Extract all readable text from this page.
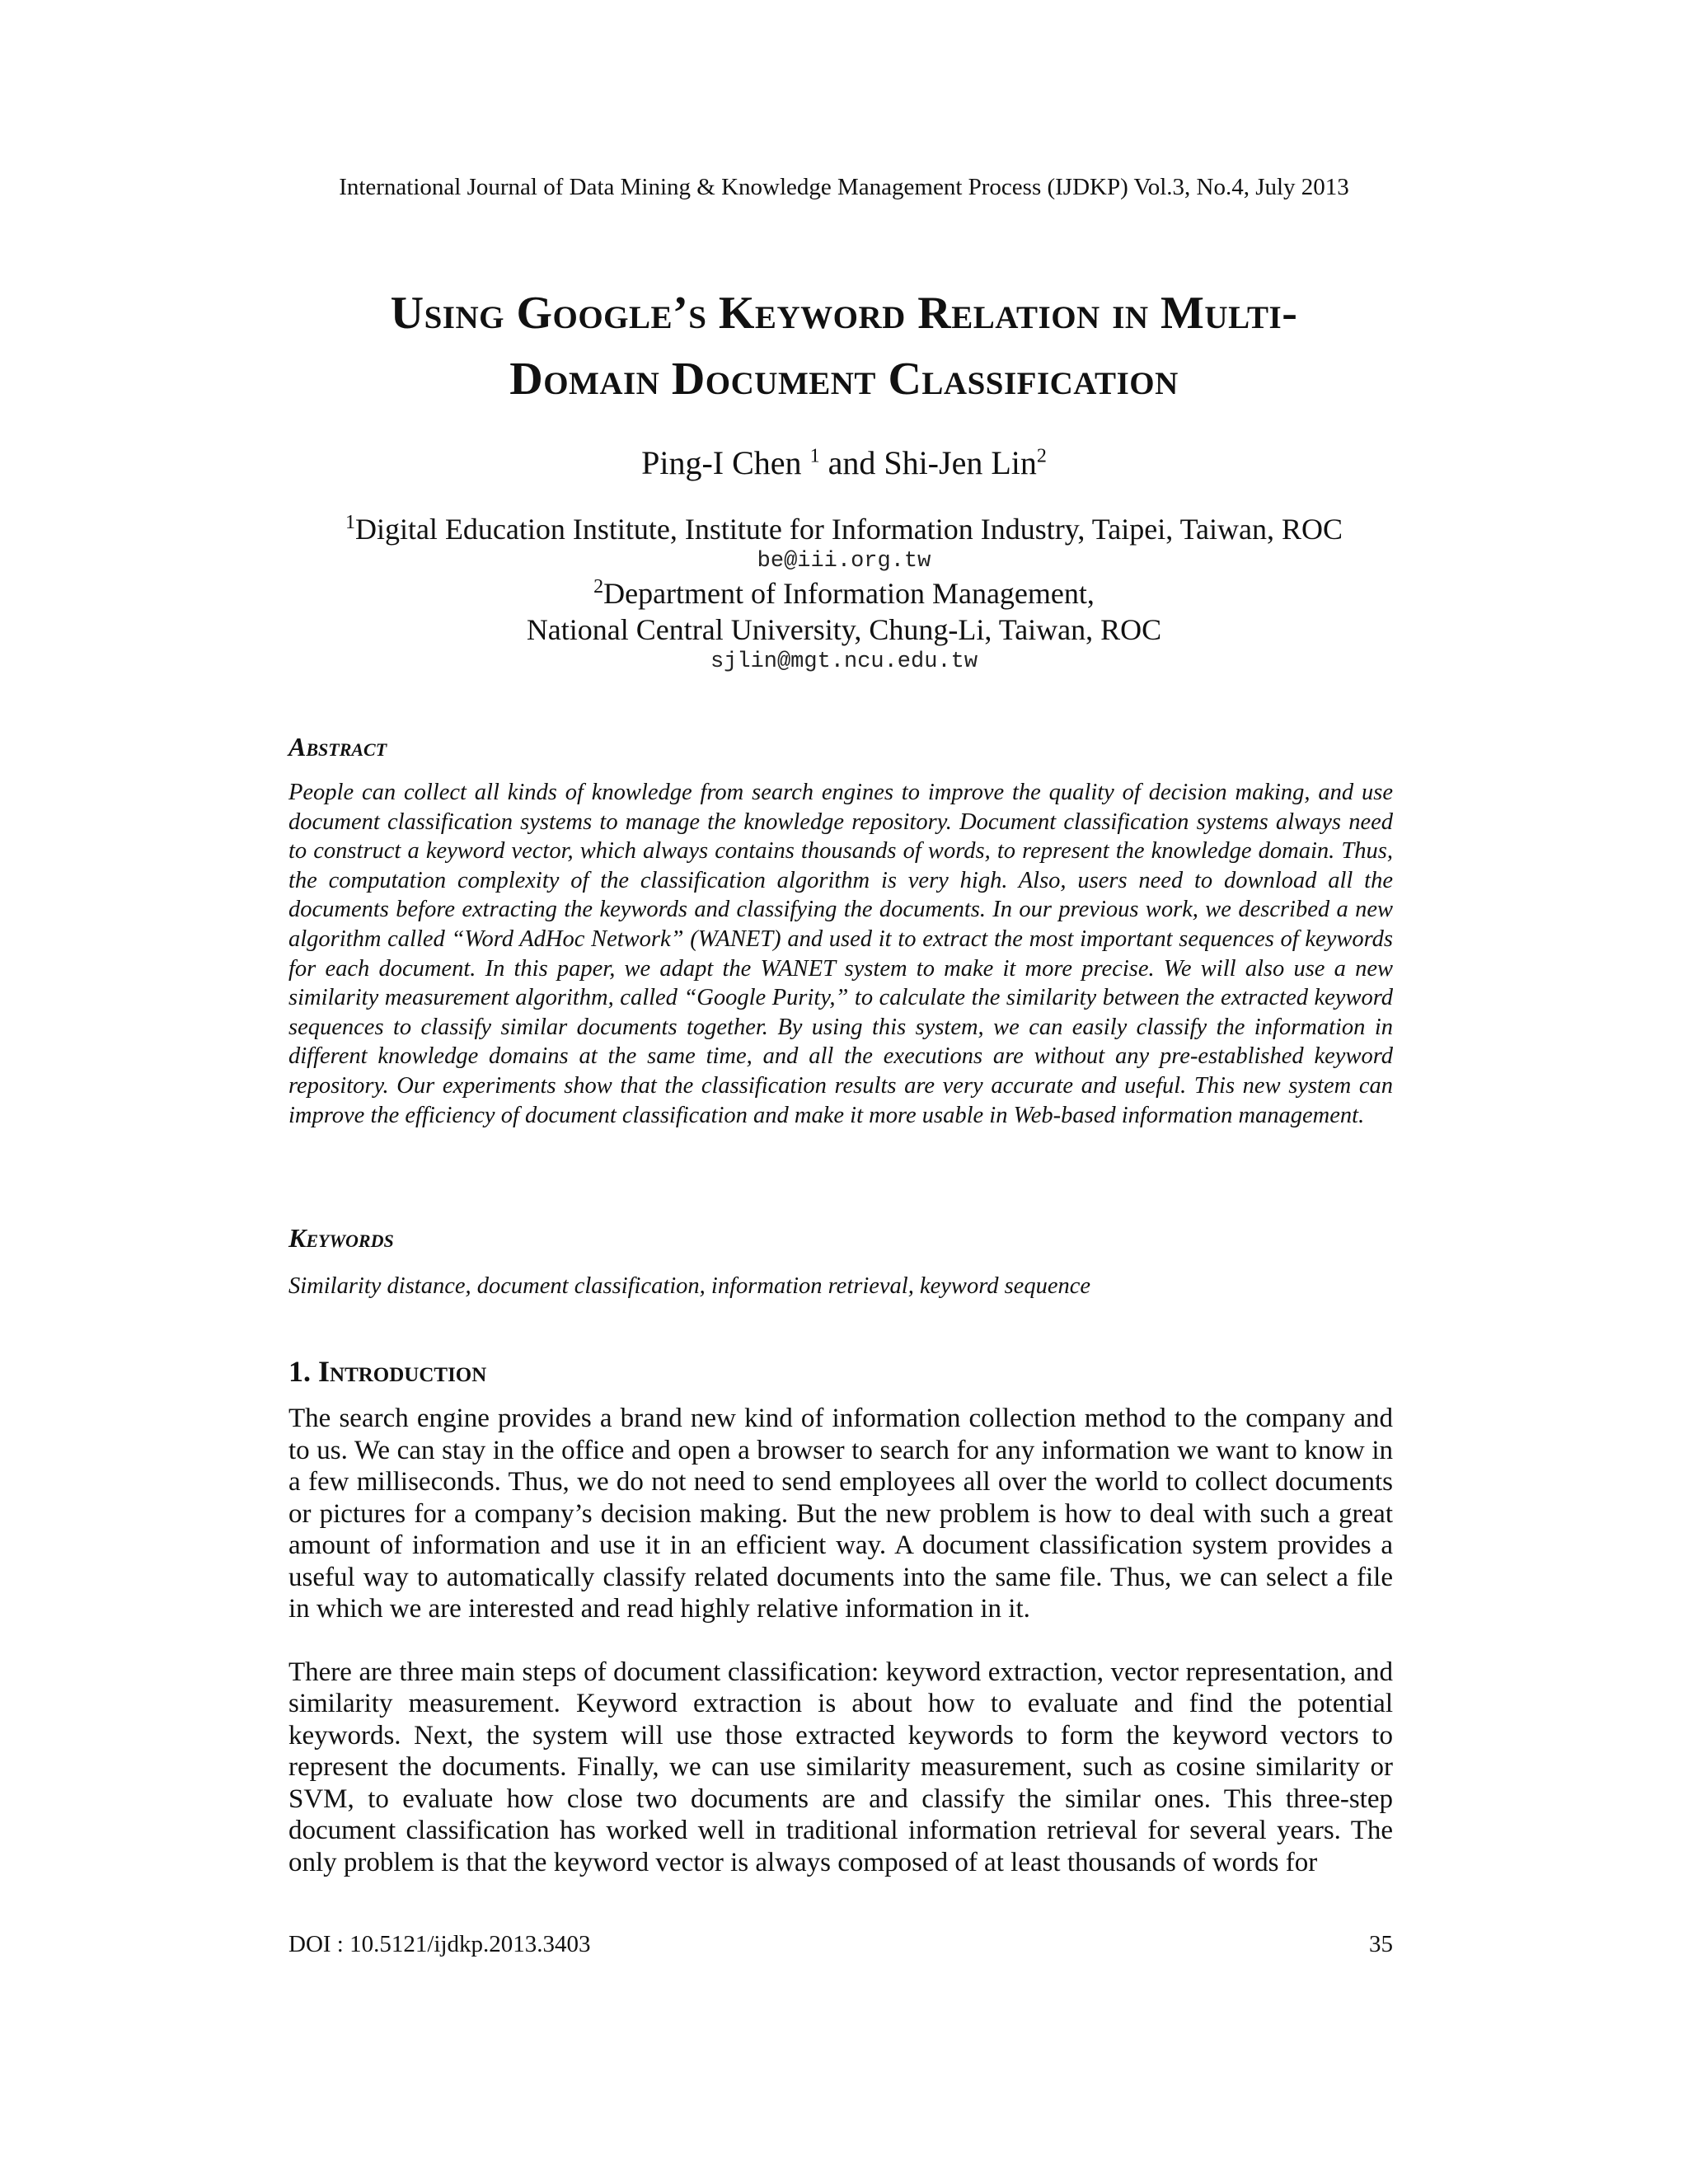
International Journal of Data Mining & Knowledge Management Process (IJDKP) Vol.3, No.4, July 2013
Using Google’s Keyword Relation in Multi-
Domain Document Classification
Ping-I Chen $^1$ and Shi-Jen Lin$^2$
$^1$Digital Education Institute, Institute for Information Industry, Taipei, Taiwan, ROC
be@iii.org.tw
$^2$Department of Information Management,
National Central University, Chung-Li, Taiwan, ROC
sjlin@mgt.ncu.edu.tw
Abstract
People can collect all kinds of knowledge from search engines to improve the quality of decision making, and use document classification systems to manage the knowledge repository. Document classification systems always need to construct a keyword vector, which always contains thousands of words, to represent the knowledge domain. Thus, the computation complexity of the classification algorithm is very high. Also, users need to download all the documents before extracting the keywords and classifying the documents. In our previous work, we described a new algorithm called “Word AdHoc Network” (WANET) and used it to extract the most important sequences of keywords for each document. In this paper, we adapt the WANET system to make it more precise. We will also use a new similarity measurement algorithm, called “Google Purity,” to calculate the similarity between the extracted keyword sequences to classify similar documents together. By using this system, we can easily classify the information in different knowledge domains at the same time, and all the executions are without any pre-established keyword repository. Our experiments show that the classification results are very accurate and useful. This new system can improve the efficiency of document classification and make it more usable in Web-based information management.
Keywords
Similarity distance, document classification, information retrieval, keyword sequence
1. Introduction

The search engine provides a brand new kind of information collection method to the company and to us. We can stay in the office and open a browser to search for any information we want to know in a few milliseconds. Thus, we do not need to send employees all over the world to collect documents or pictures for a company’s decision making. But the new problem is how to deal with such a great amount of information and use it in an efficient way. A document classification system provides a useful way to automatically classify related documents into the same file. Thus, we can select a file in which we are interested and read highly relative information in it.

There are three main steps of document classification: keyword extraction, vector representation, and similarity measurement. Keyword extraction is about how to evaluate and find the potential keywords. Next, the system will use those extracted keywords to form the keyword vectors to represent the documents. Finally, we can use similarity measurement, such as cosine similarity or SVM, to evaluate how close two documents are and classify the similar ones. This three-step document classification has worked well in traditional information retrieval for several years. The only problem is that the keyword vector is always composed of at least thousands of words for

DOI : 10.5121/ijdkp.2013.3403	35
